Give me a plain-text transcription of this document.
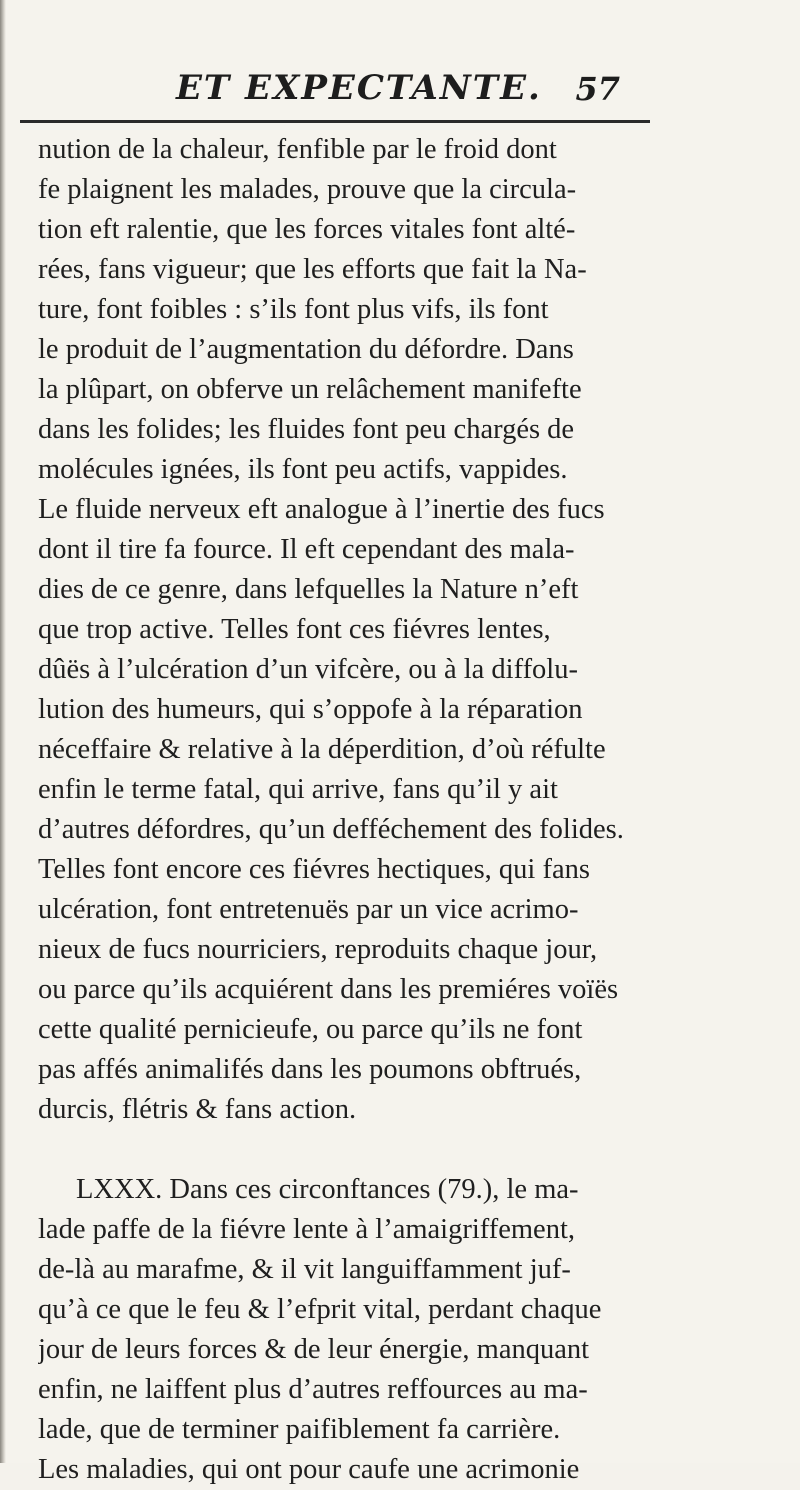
ET EXPECTANTE. 57
nution de la chaleur, fenfible par le froid dont
fe plaignent les malades, prouve que la circula-
tion eft ralentie, que les forces vitales font alté-
rées, fans vigueur; que les efforts que fait la Na-
ture, font foibles : s’ils font plus vifs, ils font
le produit de l’augmentation du défordre. Dans
la plûpart, on obferve un relâchement manifefte
dans les folides; les fluides font peu chargés de
molécules ignées, ils font peu actifs, vappides.
Le fluide nerveux eft analogue à l’inertie des fucs
dont il tire fa fource. Il eft cependant des mala-
dies de ce genre, dans lefquelles la Nature n’eft
que trop active. Telles font ces fiévres lentes,
dûës à l’ulcération d’un vifcère, ou à la diffolu-
lution des humeurs, qui s’oppofe à la réparation
néceffaire & relative à la déperdition, d’où réfulte
enfin le terme fatal, qui arrive, fans qu’il y ait
d’autres défordres, qu’un defféchement des folides.
Telles font encore ces fiévres hectiques, qui fans
ulcération, font entretenuës par un vice acrimo-
nieux de fucs nourriciers, reproduits chaque jour,
ou parce qu’ils acquiérent dans les premiéres voïës
cette qualité pernicieufe, ou parce qu’ils ne font
pas affés animalifés dans les poumons obftrués,
durcis, flétris & fans action.
LXXX. Dans ces circonftances (79.), le ma-
lade paffe de la fiévre lente à l’amaigriffement,
de-là au marafme, & il vit languiffamment juf-
qu’à ce que le feu & l’efprit vital, perdant chaque
jour de leurs forces & de leur énergie, manquant
enfin, ne laiffent plus d’autres reffources au ma-
lade, que de terminer paifiblement fa carrière.
Les maladies, qui ont pour caufe une acrimonie
